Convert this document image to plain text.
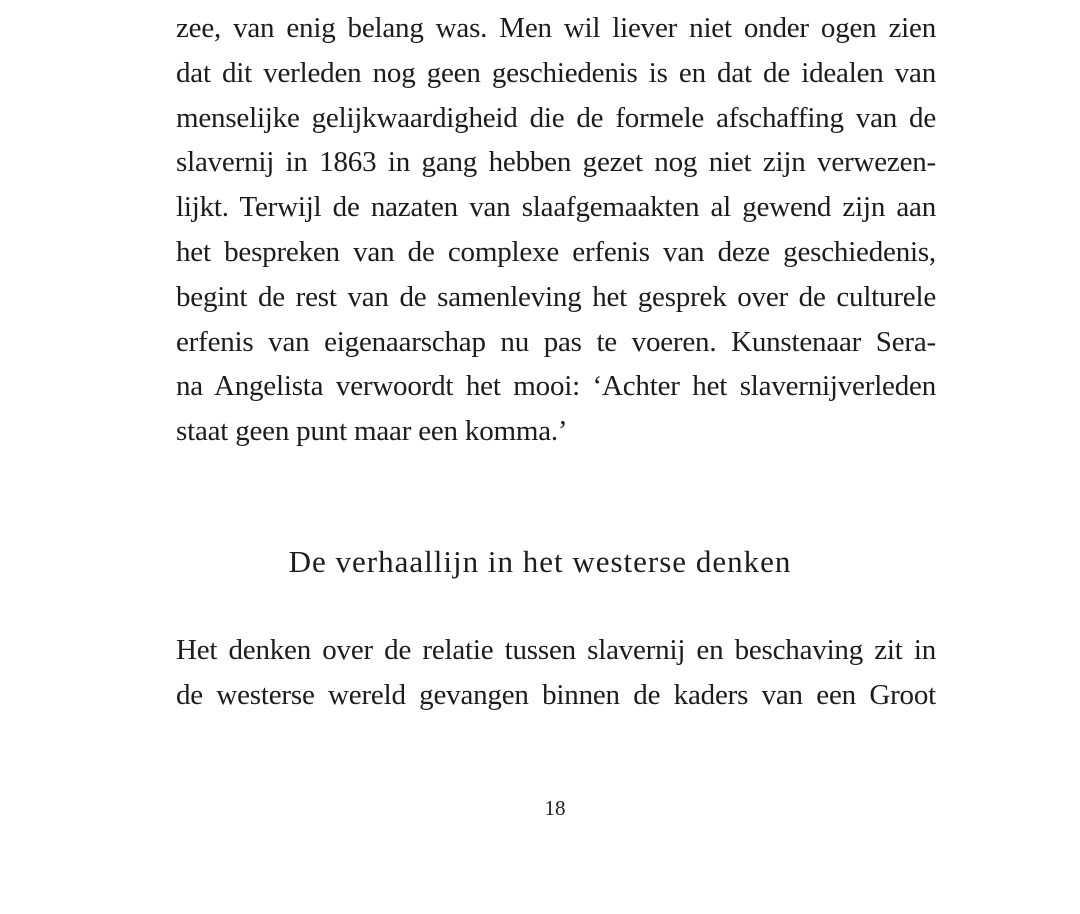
zee, van enig belang was. Men wil liever niet onder ogen zien
dat dit verleden nog geen geschiedenis is en dat de idealen van
menselijke gelijkwaardigheid die de formele afschaffing van de
slavernij in 1863 in gang hebben gezet nog niet zijn verwezen-
lijkt. Terwijl de nazaten van slaafgemaakten al gewend zijn aan
het bespreken van de complexe erfenis van deze geschiedenis,
begint de rest van de samenleving het gesprek over de culturele
erfenis van eigenaarschap nu pas te voeren. Kunstenaar Sera-
na Angelista verwoordt het mooi: ‘Achter het slavernijverleden
staat geen punt maar een komma.’
De verhaallijn in het westerse denken
Het denken over de relatie tussen slavernij en beschaving zit in
de westerse wereld gevangen binnen de kaders van een Groot
18
